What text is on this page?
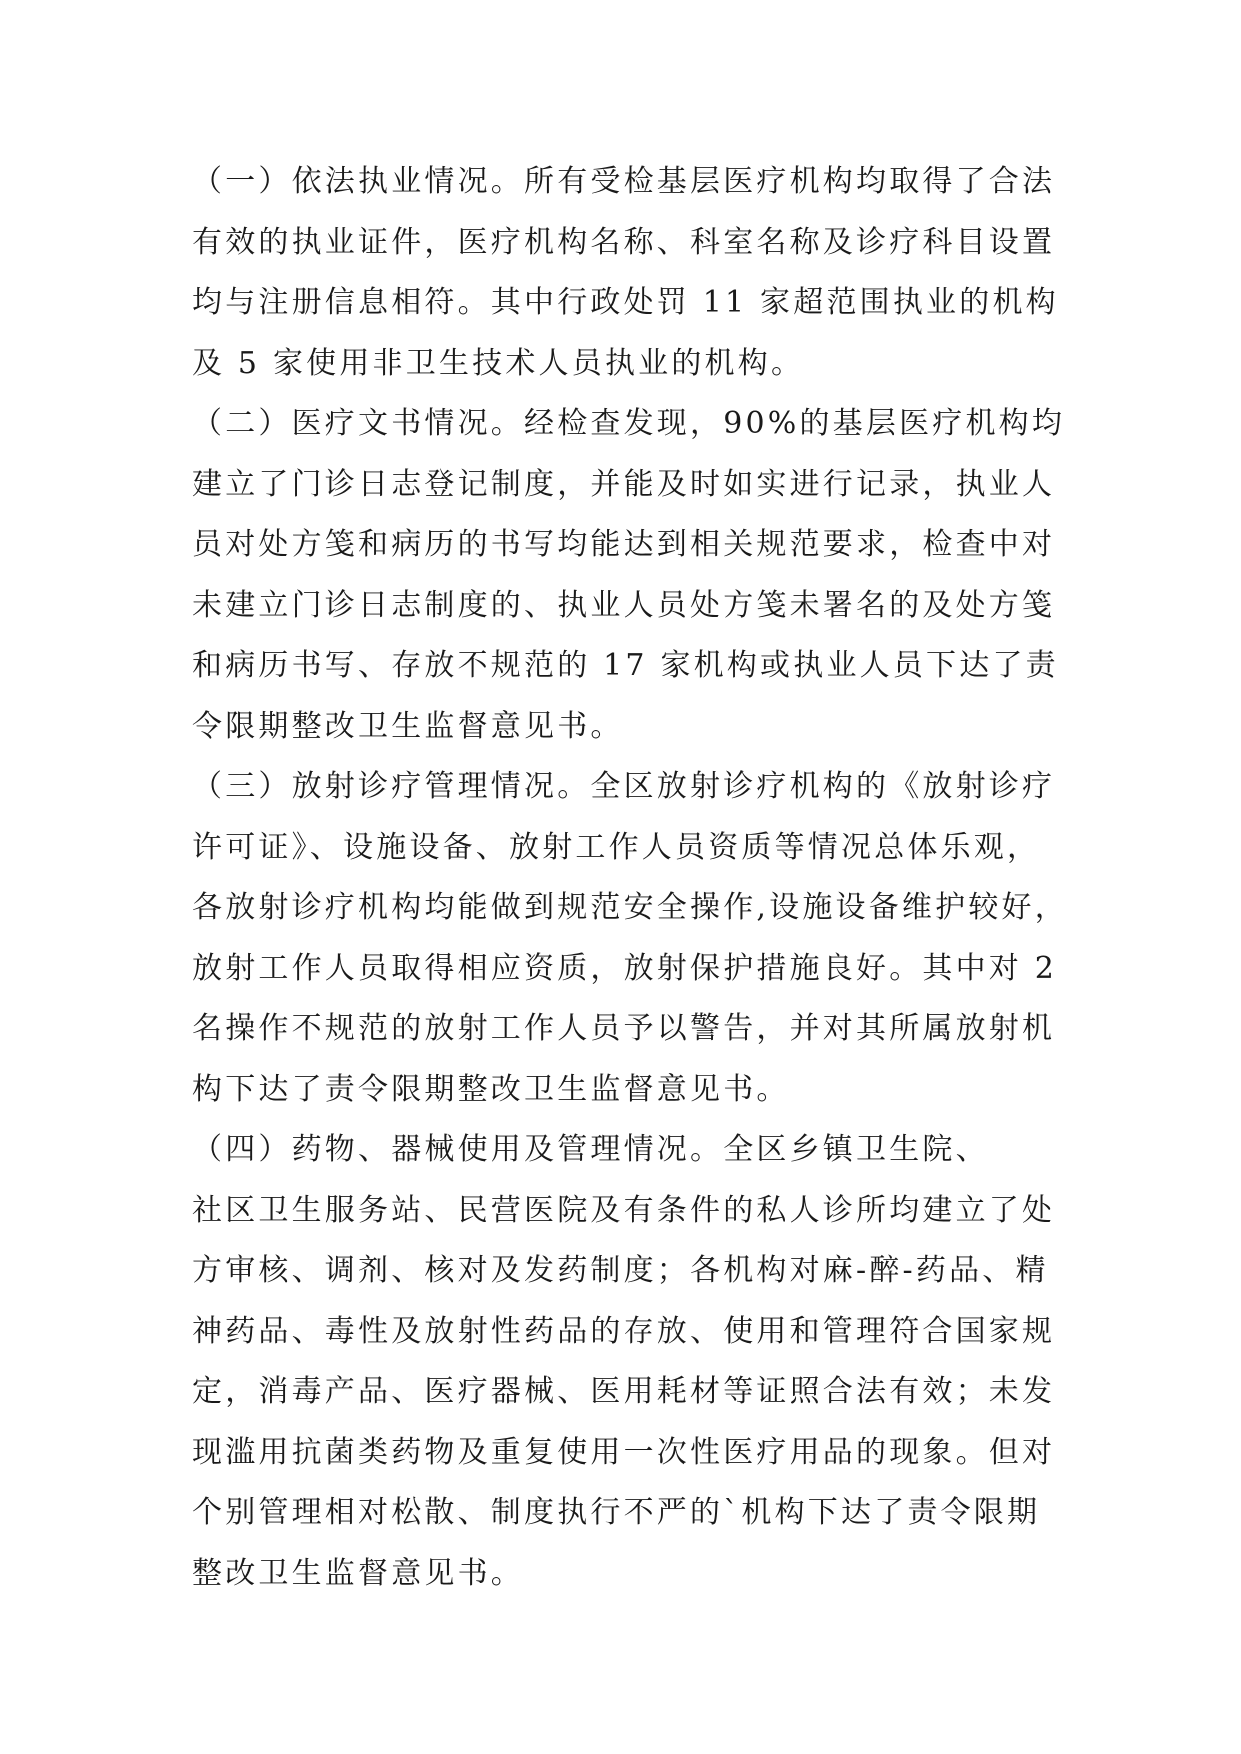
（一）依法执业情况。所有受检基层医疗机构均取得了合法
有效的执业证件，医疗机构名称、科室名称及诊疗科目设置
均与注册信息相符。其中行政处罚 11 家超范围执业的机构
及 5 家使用非卫生技术人员执业的机构。
（二）医疗文书情况。经检查发现，90%的基层医疗机构均
建立了门诊日志登记制度，并能及时如实进行记录，执业人
员对处方笺和病历的书写均能达到相关规范要求，检查中对
未建立门诊日志制度的、执业人员处方笺未署名的及处方笺
和病历书写、存放不规范的 17 家机构或执业人员下达了责
令限期整改卫生监督意见书。
（三）放射诊疗管理情况。全区放射诊疗机构的《放射诊疗
许可证》、设施设备、放射工作人员资质等情况总体乐观，
各放射诊疗机构均能做到规范安全操作,设施设备维护较好，
放射工作人员取得相应资质，放射保护措施良好。其中对 2
名操作不规范的放射工作人员予以警告，并对其所属放射机
构下达了责令限期整改卫生监督意见书。
（四）药物、器械使用及管理情况。全区乡镇卫生院、
社区卫生服务站、民营医院及有条件的私人诊所均建立了处
方审核、调剂、核对及发药制度；各机构对麻-醉-药品、精
神药品、毒性及放射性药品的存放、使用和管理符合国家规
定，消毒产品、医疗器械、医用耗材等证照合法有效；未发
现滥用抗菌类药物及重复使用一次性医疗用品的现象。但对
个别管理相对松散、制度执行不严的`机构下达了责令限期
整改卫生监督意见书。
